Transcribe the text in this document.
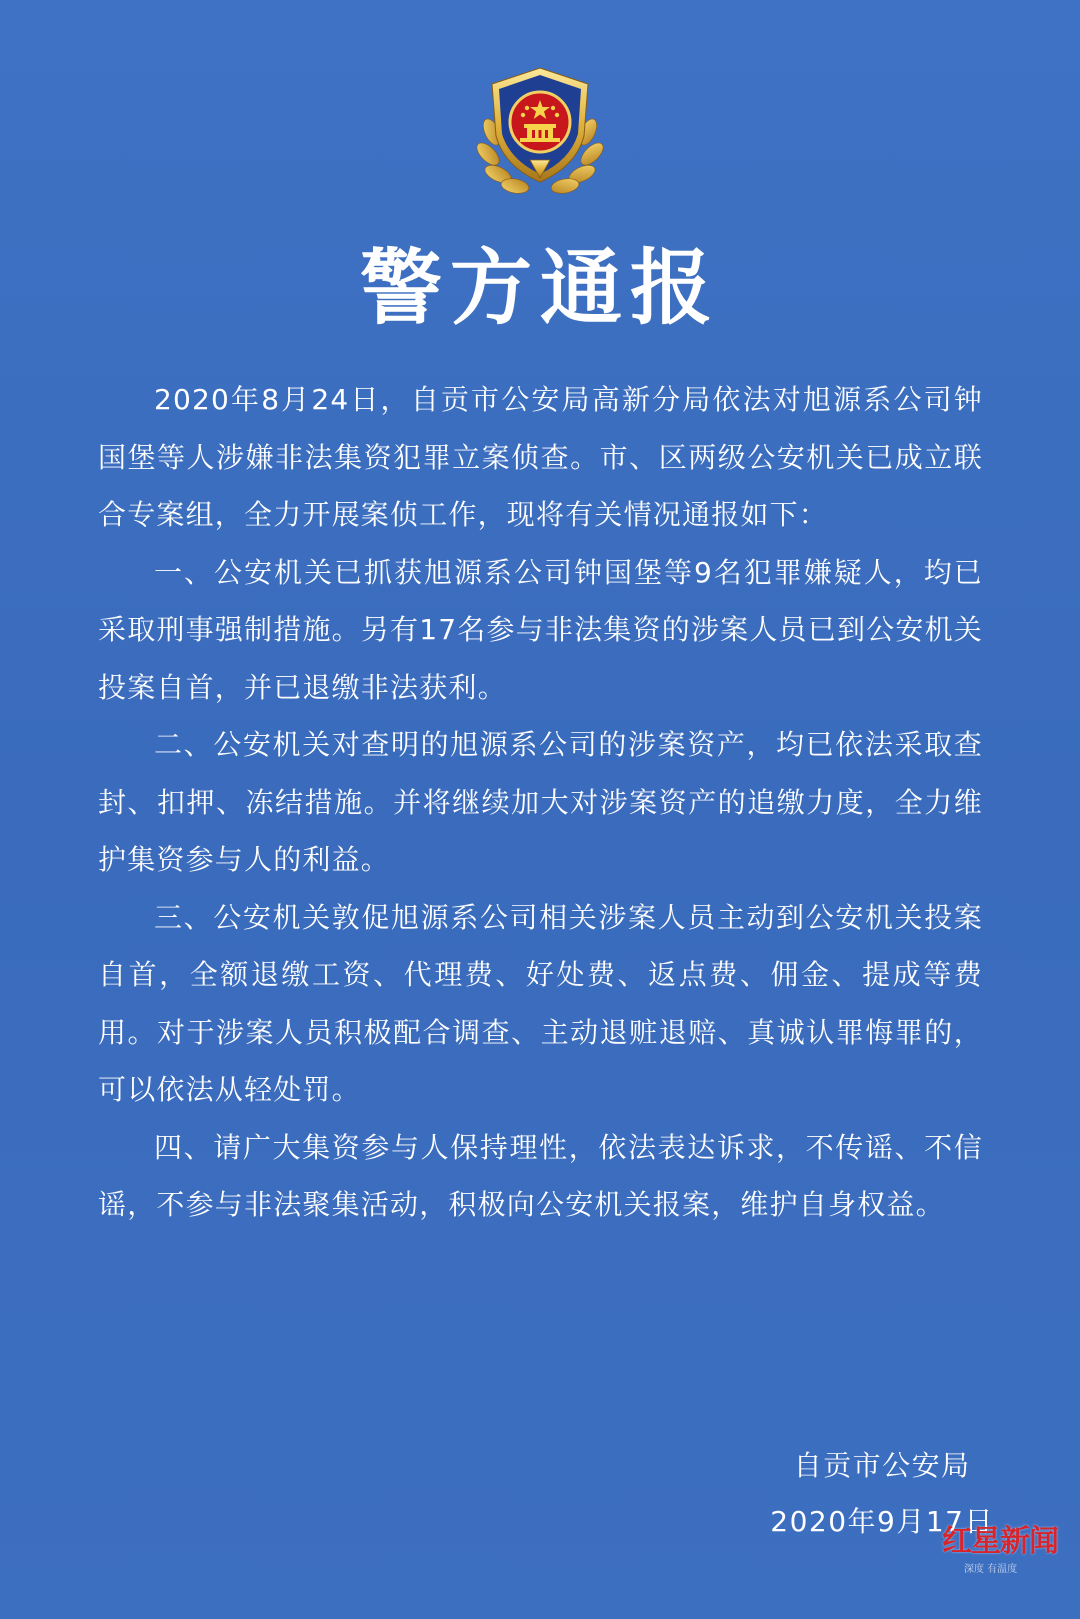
警方通报

2020年8月24日，自贡市公安局高新分局依法对旭源系公司钟国堡等人涉嫌非法集资犯罪立案侦查。市、区两级公安机关已成立联合专案组，全力开展案侦工作，现将有关情况通报如下：

一、公安机关已抓获旭源系公司钟国堡等9名犯罪嫌疑人，均已采取刑事强制措施。另有17名参与非法集资的涉案人员已到公安机关投案自首，并已退缴非法获利。

二、公安机关对查明的旭源系公司的涉案资产，均已依法采取查封、扣押、冻结措施。并将继续加大对涉案资产的追缴力度，全力维护集资参与人的利益。

三、公安机关敦促旭源系公司相关涉案人员主动到公安机关投案自首，全额退缴工资、代理费、好处费、返点费、佣金、提成等费用。对于涉案人员积极配合调查、主动退赃退赔、真诚认罪悔罪的，可以依法从轻处罚。

四、请广大集资参与人保持理性，依法表达诉求，不传谣、不信谣，不参与非法聚集活动，积极向公安机关报案，维护自身权益。

自贡市公安局
2020年9月17日
红星新闻
深度 有温度
